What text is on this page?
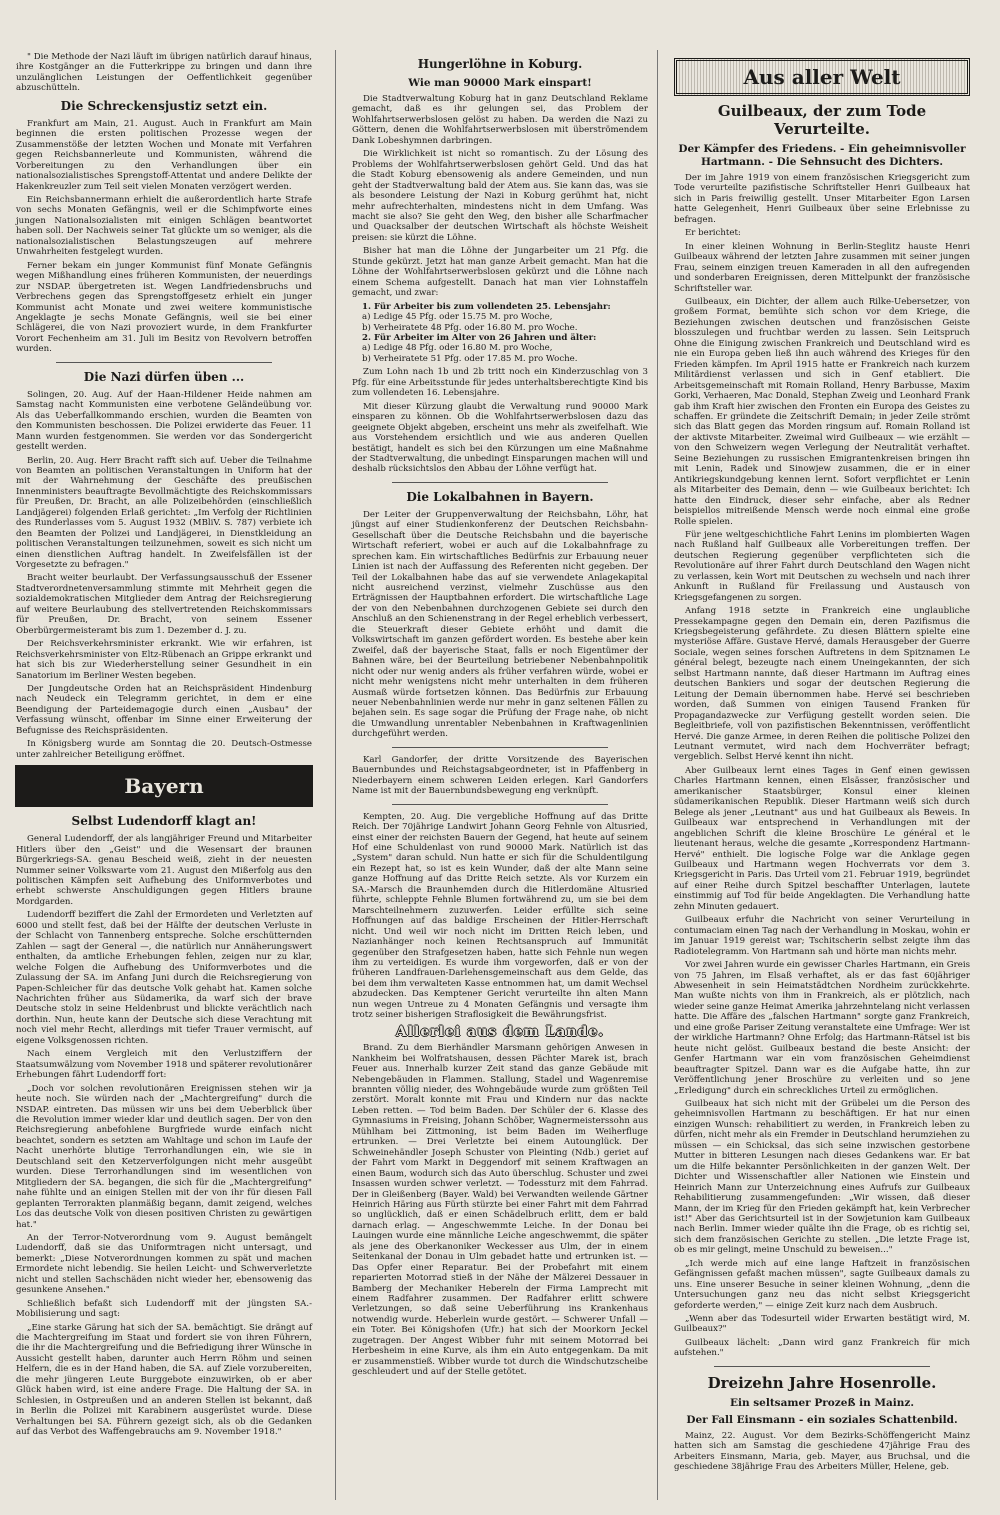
" Die Methode der Nazi läuft im übrigen natürlich darauf hinaus, ihre Kostgänger an die Futterkrippe zu bringen und dann ihre unzulänglichen Leistungen der Oeffentlichkeit gegenüber abzuschütteln.

Die Schreckensjustiz setzt ein.

Frankfurt am Main, 21. August. Auch in Frankfurt am Main beginnen die ersten politischen Prozesse wegen der Zusammenstöße der letzten Wochen und Monate mit Verfahren gegen Reichsbannerleute und Kommunisten, während die Vorbereitungen zu den Verhandlungen über ein nationalsozialistisches Sprengstoff-Attentat und andere Delikte der Hakenkreuzler zum Teil seit vielen Monaten verzögert werden.

Ein Reichsbannermann erhielt die außerordentlich harte Strafe von sechs Monaten Gefängnis, weil er die Schimpfworte eines jungen Nationalsozialisten mit einigen Schlägen beantwortet haben soll. Der Nachweis seiner Tat glückte um so weniger, als die nationalsozialistischen Belastungszeugen auf mehrere Unwahrheiten festgelegt wurden.

Ferner bekam ein junger Kommunist fünf Monate Gefängnis wegen Mißhandlung eines früheren Kommunisten, der neuerdings zur NSDAP. übergetreten ist. Wegen Landfriedensbruchs und Verbrechens gegen das Sprengstoffgesetz erhielt ein junger Kommunist acht Monate und zwei weitere kommunistische Angeklagte je sechs Monate Gefängnis, weil sie bei einer Schlägerei, die von Nazi provoziert wurde, in dem Frankfurter Vorort Fechenheim am 31. Juli im Besitz von Revolvern betroffen wurden.

Die Nazi dürfen üben ...

Solingen, 20. Aug. Auf der Haan-Hildener Heide nahmen am Samstag nacht Kommunisten eine verbotene Geländeübung vor. Als das Ueberfallkommando erschien, wurden die Beamten von den Kommunisten beschossen. Die Polizei erwiderte das Feuer. 11 Mann wurden festgenommen. Sie werden vor das Sondergericht gestellt werden.

Berlin, 20. Aug. Herr Bracht rafft sich auf. Ueber die Teilnahme von Beamten an politischen Veranstaltungen in Uniform hat der mit der Wahrnehmung der Geschäfte des preußischen Innenministers beauftragte Bevollmächtigte des Reichskommissars für Preußen, Dr. Bracht, an alle Polizeibehörden (einschließlich Landjägerei) folgenden Erlaß gerichtet: „Im Verfolg der Richtlinien des Runderlasses vom 5. August 1932 (MBliV. S. 787) verbiete ich den Beamten der Polizei und Landjägerei, in Dienstkleidung an politischen Veranstaltungen teilzunehmen, soweit es sich nicht um einen dienstlichen Auftrag handelt. In Zweifelsfällen ist der Vorgesetzte zu befragen."

Bracht weiter beurlaubt. Der Verfassungsausschuß der Essener Stadtverordnetenversammlung stimmte mit Mehrheit gegen die sozialdemokratischen Mitglieder dem Antrag der Reichsregierung auf weitere Beurlaubung des stellvertretenden Reichskommissars für Preußen, Dr. Bracht, von seinem Essener Oberbürgermeisteramt bis zum 1. Dezember d. J. zu.

Der Reichsverkehrsminister erkrankt. Wie wir erfahren, ist Reichsverkehrsminister von Eltz-Rübenach an Grippe erkrankt und hat sich bis zur Wiederherstellung seiner Gesundheit in ein Sanatorium im Berliner Westen begeben.

Der Jungdeutsche Orden hat an Reichspräsident Hindenburg nach Neudeck ein Telegramm gerichtet, in dem er eine Beendigung der Parteidemagogie durch einen „Ausbau" der Verfassung wünscht, offenbar im Sinne einer Erweiterung der Befugnisse des Reichspräsidenten.

In Königsberg wurde am Sonntag die 20. Deutsch-Ostmesse unter zahlreicher Beteiligung eröffnet.

Bayern
Selbst Ludendorff klagt an!

General Ludendorff, der als langjähriger Freund und Mitarbeiter Hitlers über den „Geist" und die Wesensart der braunen Bürgerkriegs-SA. genau Bescheid weiß, zieht in der neuesten Nummer seiner Volkswarte vom 21. August den Mißerfolg aus den politischen Kämpfen seit Aufhebung des Uniformverbotes und erhebt schwerste Anschuldigungen gegen Hitlers braune Mordgarden.

Ludendorff beziffert die Zahl der Ermordeten und Verletzten auf 6000 und stellt fest, daß bei der Hälfte der deutschen Verluste in der Schlacht von Tannenberg entspreche. Solche erschütternden Zahlen — sagt der General —, die natürlich nur Annäherungswert enthalten, da amtliche Erhebungen fehlen, zeigen nur zu klar, welche Folgen die Aufhebung des Uniformverbotes und die Zulassung der SA. im Anfang Juni durch die Reichsregierung von Papen-Schleicher für das deutsche Volk gehabt hat. Kamen solche Nachrichten früher aus Südamerika, da warf sich der brave Deutsche stolz in seine Heldenbrust und blickte verächtlich nach dorthin. Nun, heute kann der Deutsche sich diese Verachtung mit noch viel mehr Recht, allerdings mit tiefer Trauer vermischt, auf eigene Volksgenossen richten.

Nach einem Vergleich mit den Verlustziffern der Staatsumwälzung vom November 1918 und späterer revolutionärer Erhebungen fährt Ludendorff fort:

„Doch vor solchen revolutionären Ereignissen stehen wir ja heute noch. Sie würden nach der „Machtergreifung" durch die NSDAP. eintreten. Das müssen wir uns bei dem Ueberblick über die Revolution immer wieder klar und deutlich sagen. Der von den Reichsregierung anbefohlene Burgfriede wurde einfach nicht beachtet, sondern es setzten am Wahltage und schon im Laufe der Nacht unerhörte blutige Terrorhandlungen ein, wie sie in Deutschland seit den Ketzerverfolgungen nicht mehr ausgeübt wurden. Diese Terrorhandlungen sind im wesentlichen von Mitgliedern der SA. begangen, die sich für die „Machtergreifung" nahe fühlte und an einigen Stellen mit der von ihr für diesen Fall geplanten Terrorakten planmäßig begann, damit zeigend, welches Los das deutsche Volk von diesen positiven Christen zu gewärtigen hat."

An der Terror-Notverordnung vom 9. August bemängelt Ludendorff, daß sie das Uniformtragen nicht untersagt, und bemerkt: „Diese Notverordnungen kommen zu spät und machen Ermordete nicht lebendig. Sie heilen Leicht- und Schwerverletzte nicht und stellen Sachschäden nicht wieder her, ebensowenig das gesunkene Ansehen."

Schließlich befaßt sich Ludendorff mit der jüngsten SA.-Mobilisierung und sagt:

„Eine starke Gärung hat sich der SA. bemächtigt. Sie drängt auf die Machtergreifung im Staat und fordert sie von ihren Führern, die ihr die Machtergreifung und die Befriedigung ihrer Wünsche in Aussicht gestellt haben, darunter auch Herrn Röhm und seinen Helfern, die es in der Hand haben, die SA. auf Ziele vorzubereiten, die mehr jüngeren Leute Burggebote einzuwirken, ob er aber Glück haben wird, ist eine andere Frage. Die Haltung der SA. in Schlesien, in Ostpreußen und an anderen Stellen ist bekannt, daß in Berlin die Polizei mit Karabinern ausgerüstet wurde. Diese Verhaltungen bei SA. Führern gezeigt sich, als ob die Gedanken auf das Verbot des Waffengebrauchs am 9. November 1918."

Hungerlöhne in Koburg.
Wie man 90000 Mark einspart!

Die Stadtverwaltung Koburg hat in ganz Deutschland Reklame gemacht, daß es ihr gelungen sei, das Problem der Wohlfahrtserwerbslosen gelöst zu haben. Da werden die Nazi zu Göttern, denen die Wohlfahrtserwerbslosen mit überströmendem Dank Lobeshymnen darbringen.

Die Wirklichkeit ist nicht so romantisch. Zu der Lösung des Problems der Wohlfahrtserwerbslosen gehört Geld. Und das hat die Stadt Koburg ebensowenig als andere Gemeinden, und nun geht der Stadtverwaltung bald der Atem aus. Sie kann das, was sie als besondere Leistung der Nazi in Koburg gerühmt hat, nicht mehr aufrechterhalten, mindestens nicht in dem Umfang. Was macht sie also? Sie geht den Weg, den bisher alle Scharfmacher und Quacksalber der deutschen Wirtschaft als höchste Weisheit preisen: sie kürzt die Löhne.

Bisher hat man die Löhne der Jungarbeiter um 21 Pfg. die Stunde gekürzt. Jetzt hat man ganze Arbeit gemacht. Man hat die Löhne der Wohlfahrtserwerbslosen gekürzt und die Löhne nach einem Schema aufgestellt. Danach hat man vier Lohnstaffeln gemacht, und zwar:

1. Für Arbeiter bis zum vollendeten 25. Lebensjahr:
a) Ledige 45 Pfg. oder 15.75 M. pro Woche,
b) Verheiratete 48 Pfg. oder 16.80 M. pro Woche.
2. Für Arbeiter im Alter von 26 Jahren und älter:
a) Ledige 48 Pfg. oder 16.80 M. pro Woche,
b) Verheiratete 51 Pfg. oder 17.85 M. pro Woche.

Zum Lohn nach 1b und 2b tritt noch ein Kinderzuschlag von 3 Pfg. für eine Arbeitsstunde für jedes unterhaltsberechtigte Kind bis zum vollendeten 16. Lebensjahre.

Mit dieser Kürzung glaubt die Verwaltung rund 90000 Mark einsparen zu können. Ob die Wohlfahrtserwerbslosen dazu das geeignete Objekt abgeben, erscheint uns mehr als zweifelhaft. Wie aus Vorstehendem ersichtlich und wie aus anderen Quellen bestätigt, handelt es sich bei den Kürzungen um eine Maßnahme der Stadtverwaltung, die unbedingt Einsparungen machen will und deshalb rücksichtslos den Abbau der Löhne verfügt hat.

Die Lokalbahnen in Bayern.

Der Leiter der Gruppenverwaltung der Reichsbahn, Löhr, hat jüngst auf einer Studienkonferenz der Deutschen Reichsbahn-Gesellschaft über die Deutsche Reichsbahn und die bayerische Wirtschaft referiert, wobei er auch auf die Lokalbahnfrage zu sprechen kam. Ein wirtschaftliches Bedürfnis zur Erbauung neuer Linien ist nach der Auffassung des Referenten nicht gegeben. Der Teil der Lokalbahnen habe das auf sie verwendete Anlagekapital nicht ausreichend verzinst, vielmehr Zuschüsse aus den Erträgnissen der Hauptbahnen erfordert. Die wirtschaftliche Lage der von den Nebenbahnen durchzogenen Gebiete sei durch den Anschluß an den Schienenstrang in der Regel erheblich verbessert, die Steuerkraft dieser Gebiete erhöht und damit die Volkswirtschaft im ganzen gefördert worden. Es bestehe aber kein Zweifel, daß der bayerische Staat, falls er noch Eigentümer der Bahnen wäre, bei der Beurteilung betriebener Nebenbahnpolitik nicht oder nur wenig anders als früher verfahren würde, wobei er nicht mehr wenigstens nicht mehr unterhalten in dem früheren Ausmaß würde fortsetzen können. Das Bedürfnis zur Erbauung neuer Nebenbahnlinien werde nur mehr in ganz seltenen Fällen zu bejahen sein. Es sage sogar die Prüfung der Frage nahe, ob nicht die Umwandlung unrentabler Nebenbahnen in Kraftwagenlinien durchgeführt werden.

Karl Gandorfer, der dritte Vorsitzende des Bayerischen Bauernbundes und Reichstagsabgeordneter, ist in Pfaffenberg in Niederbayern einem schweren Leiden erlegen. Karl Gandorfers Name ist mit der Bauernbundsbewegung eng verknüpft.

Kempten, 20. Aug. Die vergebliche Hoffnung auf das Dritte Reich. Der 70jährige Landwirt Johann Georg Fehnle von Altusried, einst einer der reichsten Bauern der Gegend, hat heute auf seinem Hof eine Schuldenlast von rund 90000 Mark. Natürlich ist das „System" daran schuld. Nun hatte er sich für die Schuldentilgung ein Rezept hat, so ist es kein Wunder, daß der alte Mann seine ganze Hoffnung auf das Dritte Reich setzte. Als vor Kurzem ein SA.-Marsch die Braunhemden durch die Hitlerdomäne Altusried führte, schleppte Fehnle Blumen fortwährend zu, um sie bei dem Marschteilnehmern zuzuwerfen. Leider erfüllte sich seine Hoffnungen auf das baldige Erscheinen der Hitler-Herrschaft nicht. Und weil wir noch nicht im Dritten Reich leben, und Nazianhänger noch keinen Rechtsanspruch auf Immunität gegenüber den Strafgesetzen haben, hatte sich Fehnle nun wegen ihm zu verteidigen. Es wurde ihm vorgeworfen, daß er von der früheren Landfrauen-Darlehensgemeinschaft aus dem Gelde, das bei dem ihm verwalteten Kasse entnommen hat, um damit Wechsel abzudecken. Das Kemptener Gericht verurteilte ihn alten Mann nun wegen Untreue zu 4 Monaten Gefängnis und versagte ihm trotz seiner bisherigen Straflosigkeit die Bewährungsfrist.

Allerlei aus dem Lande.

Brand. Zu dem Bierhändler Marsmann gehörigen Anwesen in Nankheim bei Wolfratshausen, dessen Pächter Marek ist, brach Feuer aus. Innerhalb kurzer Zeit stand das ganze Gebäude mit Nebengebäuden in Flammen. Stallung, Stadel und Wagenremise brannten völlig nieder, des Wohngebäude wurde zum größten Teil zerstört. Moralt konnte mit Frau und Kindern nur das nackte Leben retten. — Tod beim Baden. Der Schüler der 6. Klasse des Gymnasiums in Freising, Johann Schöber, Wagnermeisterssohn aus Mühlham bei Zittmoning, ist beim Baden im Weiherfluge ertrunken. — Drei Verletzte bei einem Autounglück. Der Schweinehändler Joseph Schuster von Pleinting (Ndb.) geriet auf der Fahrt vom Markt in Deggendorf mit seinem Kraftwagen an einen Baum, wodurch sich das Auto überschlug. Schuster und zwei Insassen wurden schwer verletzt. — Todessturz mit dem Fahrrad. Der in Gleißenberg (Bayer. Wald) bei Verwandten weilende Gärtner Heinrich Häring aus Fürth stürzte bei einer Fahrt mit dem Fahrrad so unglücklich, daß er einen Schädelbruch erlitt, dem er bald darnach erlag. — Angeschwemmte Leiche. In der Donau bei Lauingen wurde eine männliche Leiche angeschwemmt, die später als jene des Oberkanoniker Weckesser aus Ulm, der in einem Seitenkanal der Donau in Ulm gebadet hatte und ertrunken ist. — Das Opfer einer Reparatur. Bei der Probefahrt mit einem reparierten Motorrad stieß in der Nähe der Mälzerei Dessauer in Bamberg der Mechaniker Hebereln der Firma Lamprecht mit einem Radfahrer zusammen. Der Radfahrer erlitt schwere Verletzungen, so daß seine Ueberführung ins Krankenhaus notwendig wurde. Heberlein wurde gestört. — Schwerer Unfall — ein Toter. Bei Königshofen (Ufr.) hat sich der Moorkorn Jeckel zugetragen. Der Angest Wibber fuhr mit seinem Motorrad bei Herbesheim in eine Kurve, als ihm ein Auto entgegenkam. Da mit er zusammenstieß. Wibber wurde tot durch die Windschutzscheibe geschleudert und auf der Stelle getötet.

Aus aller Welt
Guilbeaux, der zum Tode Verurteilte.
Der Kämpfer des Friedens. - Ein geheimnisvoller Hartmann. - Die Sehnsucht des Dichters.

Der im Jahre 1919 von einem französischen Kriegsgericht zum Tode verurteilte pazifistische Schriftsteller Henri Guilbeaux hat sich in Paris freiwillig gestellt. Unser Mitarbeiter Egon Larsen hatte Gelegenheit, Henri Guilbeaux über seine Erlebnisse zu befragen.

Er berichtet:

In einer kleinen Wohnung in Berlin-Steglitz hauste Henri Guilbeaux während der letzten Jahre zusammen mit seiner jungen Frau, seinem einzigen treuen Kameraden in all den aufregenden und sonderbaren Ereignissen, deren Mittelpunkt der französische Schriftsteller war.

Guilbeaux, ein Dichter, der allem auch Rilke-Uebersetzer, von großem Format, bemühte sich schon vor dem Kriege, die Beziehungen zwischen deutschen und französischen Geiste blosszulegen und fruchtbar werden zu lassen. Sein Leitspruch Ohne die Einigung zwischen Frankreich und Deutschland wird es nie ein Europa geben ließ ihn auch während des Krieges für den Frieden kämpfen. Im April 1915 hatte er Frankreich nach kurzem Militärdienst verlassen und sich in Genf etabliert. Die Arbeitsgemeinschaft mit Romain Rolland, Henry Barbusse, Maxim Gorki, Verhaeren, Mac Donald, Stephan Zweig und Leonhard Frank gab ihm Kraft hier zwischen den Fronten ein Europa des Geistes zu schaffen. Er gründete die Zeitschrift Demain; in jeder Zeile strömt sich das Blatt gegen das Morden ringsum auf. Romain Rolland ist der aktivste Mitarbeiter. Zweimal wird Guilbeaux — wie erzählt — von den Schweizern wegen Verlegung der Neutralität verhaftet. Seine Beziehungen zu russischen Emigrantenkreisen bringen ihn mit Lenin, Radek und Sinowjew zusammen, die er in einer Antikriegskundgebung kennen lernt. Sofort verpflichtet er Lenin als Mitarbeiter des Demain, denn — wie Guilbeaux berichtet: Ich hatte den Eindruck, dieser sehr einfache, aber als Redner beispiellos mitreißende Mensch werde noch einmal eine große Rolle spielen.

Für jene weltgeschichtliche Fahrt Lenins im plombierten Wagen nach Rußland half Guilbeaux alle Vorbereitungen treffen. Der deutschen Regierung gegenüber verpflichteten sich die Revolutionäre auf ihrer Fahrt durch Deutschland den Wagen nicht zu verlassen, kein Wort mit Deutschen zu wechseln und nach ihrer Ankunft in Rußland für Freilassung und Austausch von Kriegsgefangenen zu sorgen.

Anfang 1918 setzte in Frankreich eine unglaubliche Pressekampagne gegen den Demain ein, deren Pazifismus die Kriegsbegeisterung gefährdete. Zu diesen Blättern spielte eine mysteriöse Affäre. Gustave Hervé, damals Herausgeber der Guerre Sociale, wegen seines forschen Auftretens in dem Spitznamen Le général belegt, bezeugte nach einem Uneingekannten, der sich selbst Hartmann nannte, daß dieser Hartmann im Auftrag eines deutschen Bankiers und sogar der deutschen Regierung die Leitung der Demain übernommen habe. Hervé sei beschrieben worden, daß Summen von einigen Tausend Franken für Propagandazwecke zur Verfügung gestellt worden seien. Die Begleitbriefe, voll von pazifistischen Bekenntnissen, veröffentlicht Hervé. Die ganze Armee, in deren Reihen die politische Polizei den Leutnant vermutet, wird nach dem Hochverräter befragt; vergeblich. Selbst Hervé kennt ihn nicht.

Aber Guilbeaux lernt eines Tages in Genf einen gewissen Charles Hartmann kennen, einen Elsässer, französischer und amerikanischer Staatsbürger, Konsul einer kleinen südamerikanischen Republik. Dieser Hartmann weiß sich durch Belege als jener „Leutnant" aus und hat Guilbeaux als Beweis. In Guilbeaux war entsprechend in Verhandlungen mit der angeblichen Schrift die kleine Broschüre Le général et le lieutenant heraus, welche die gesamte „Korrespondenz Hartmann-Hervé" enthielt. Die logische Folge war die Anklage gegen Guilbeaux und Hartmann wegen Hochverrats vor dem 3. Kriegsgericht in Paris. Das Urteil vom 21. Februar 1919, begründet auf einer Reihe durch Spitzel beschaffter Unterlagen, lautete einstimmig auf Tod für beide Angeklagten. Die Verhandlung hatte zehn Minuten gedauert.

Guilbeaux erfuhr die Nachricht von seiner Verurteilung in contumaciam einen Tag nach der Verhandlung in Moskau, wohin er im Januar 1919 gereist war; Tschitscherin selbst zeigte ihm das Radiotelegramm. Von Hartmann sah und hörte man nichts mehr.

Vor zwei Jahren wurde ein gewisser Charles Hartmann, ein Greis von 75 Jahren, im Elsaß verhaftet, als er das fast 60jähriger Abwesenheit in sein Heimatstädtchen Nordheim zurückkehrte. Man wußte nichts von ihm in Frankreich, als er plötzlich, nach wieder seine ganze Heimat Amerika jahrzehntelang nicht verlassen hatte. Die Affäre des „falschen Hartmann" sorgte ganz Frankreich, und eine große Pariser Zeitung veranstaltete eine Umfrage: Wer ist der wirkliche Hartmann? Ohne Erfolg; das Hartmann-Rätsel ist bis heute nicht gelöst. Guilbeaux bestand die beste Ansicht: der Genfer Hartmann war ein vom französischen Geheimdienst beauftragter Spitzel. Dann war es die Aufgabe hatte, ihn zur Veröffentlichung jener Broschüre zu verleiten und so jene „Erledigung" durch ein schreckliches Urteil zu ermöglichen.

Guilbeaux hat sich nicht mit der Grübelei um die Person des geheimnisvollen Hartmann zu beschäftigen. Er hat nur einen einzigen Wunsch: rehabilitiert zu werden, in Frankreich leben zu dürfen, nicht mehr als ein Fremder in Deutschland herumziehen zu müssen — ein Schicksal, das sich seine inzwischen gestorbene Mutter in bitteren Lesungen nach dieses Gedankens war. Er bat um die Hilfe bekannter Persönlichkeiten in der ganzen Welt. Der Dichter und Wissenschaftler aller Nationen wie Einstein und Heinrich Mann zur Unterzeichnung eines Aufrufs zur Guilbeaux Rehabilitierung zusammengefunden: „Wir wissen, daß dieser Mann, der im Krieg für den Frieden gekämpft hat, kein Verbrecher ist!" Aber das Gerichtsurteil ist in der Sowjetunion kam Guilbeaux nach Berlin. Immer wieder quälte ihn die Frage, ob es richtig sei, sich dem französischen Gerichte zu stellen. „Die letzte Frage ist, ob es mir gelingt, meine Unschuld zu beweisen..."

„Ich werde mich auf eine lange Haftzeit in französischen Gefängnissen gefaßt machen müssen", sagte Guilbeaux damals zu uns. Eine unserer Besuche in seiner kleinen Wohnung, „denn die Untersuchungen ganz neu das nicht selbst Kriegsgericht geforderte werden," — einige Zeit kurz nach dem Ausbruch.

„Wenn aber das Todesurteil wider Erwarten bestätigt wird, M. Guilbeaux?"

Guilbeaux lächelt: „Dann wird ganz Frankreich für mich aufstehen."

Dreizehn Jahre Hosenrolle.
Ein seltsamer Prozeß in Mainz.
Der Fall Einsmann - ein soziales Schattenbild.

Mainz, 22. August. Vor dem Bezirks-Schöffengericht Mainz hatten sich am Samstag die geschiedene 47jährige Frau des Arbeiters Einsmann, Maria, geb. Mayer, aus Bruchsal, und die geschiedene 38jährige Frau des Arbeiters Müller, Helene, geb.
